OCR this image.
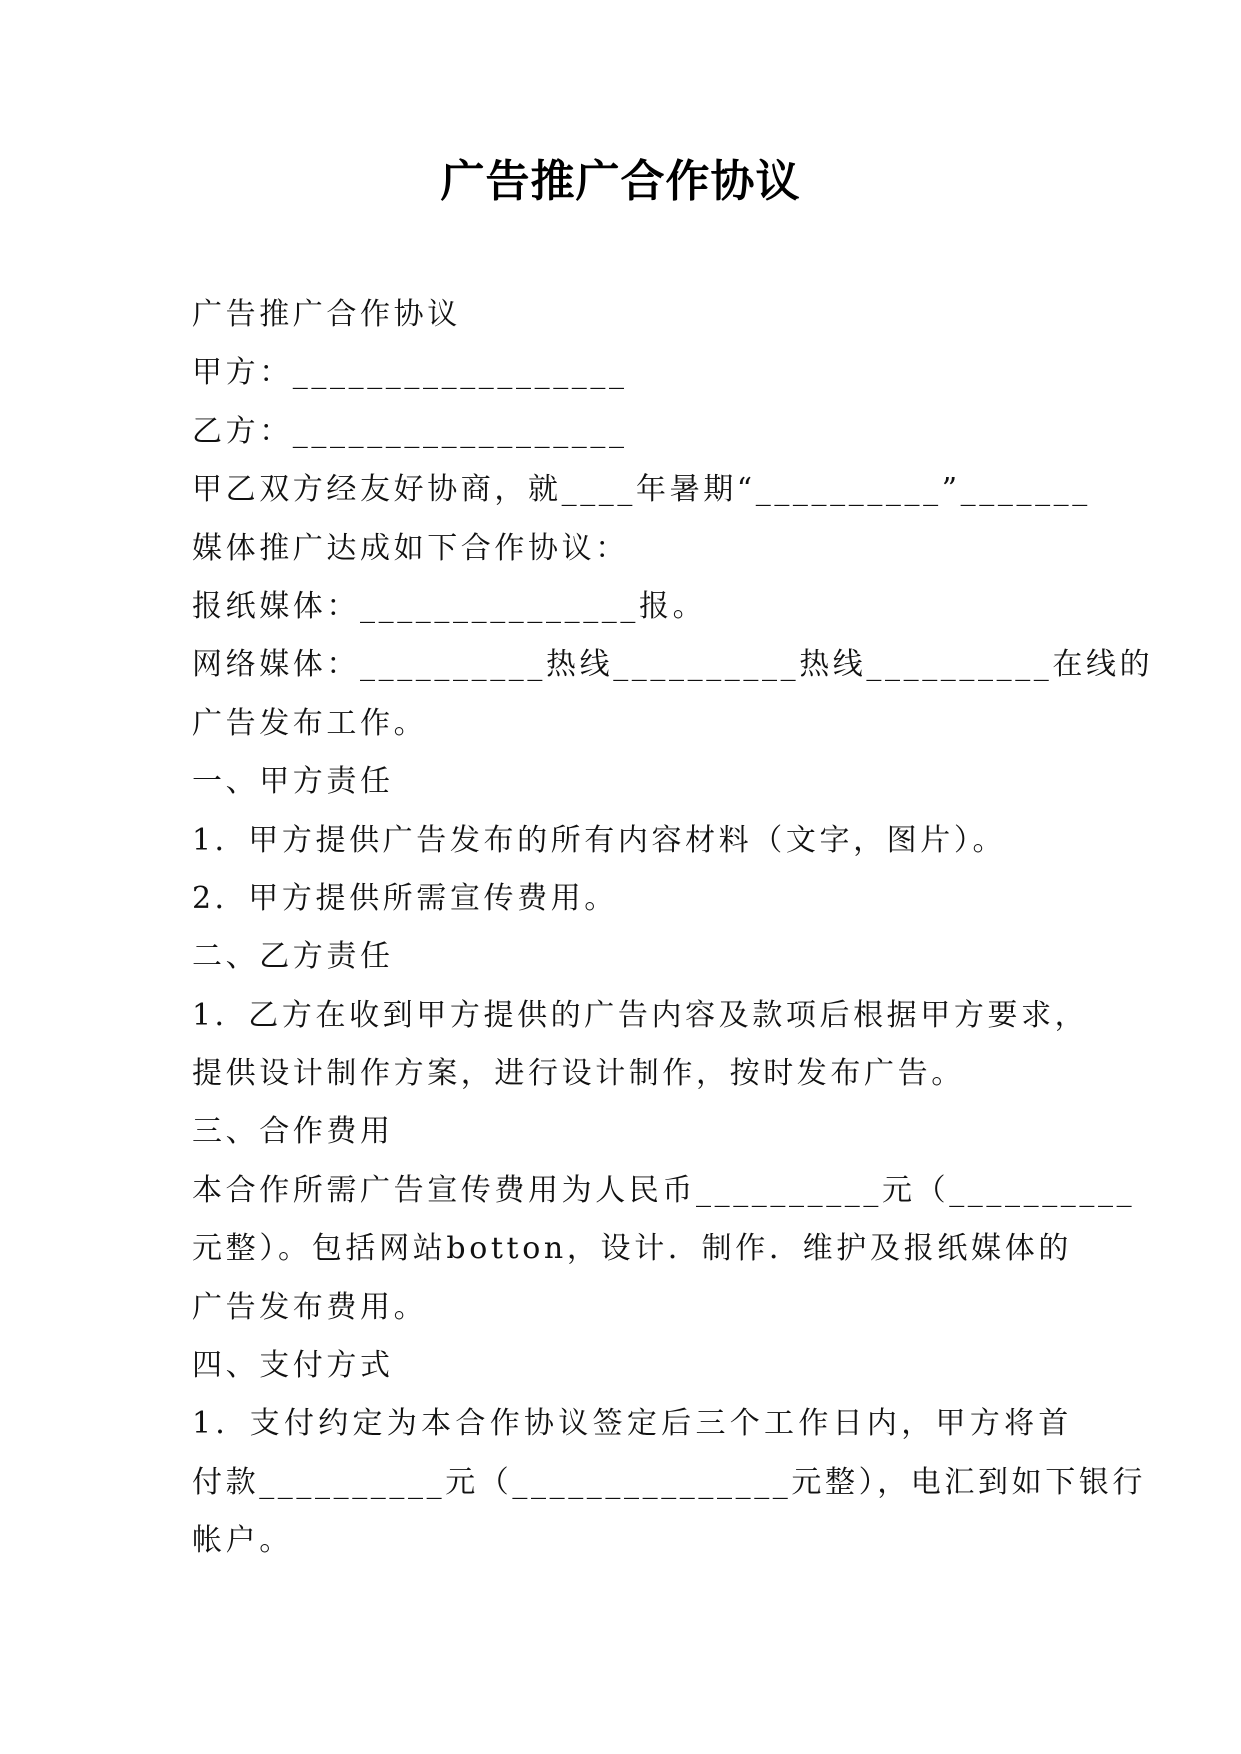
广告推广合作协议
广告推广合作协议
甲方：__________________
乙方：__________________
甲乙双方经友好协商，就____年暑期“__________”_______
媒体推广达成如下合作协议：
报纸媒体：_______________报。
网络媒体：__________热线__________热线__________在线的
广告发布工作。
一、甲方责任
1．甲方提供广告发布的所有内容材料（文字，图片）。
2．甲方提供所需宣传费用。
二、乙方责任
1．乙方在收到甲方提供的广告内容及款项后根据甲方要求，
提供设计制作方案，进行设计制作，按时发布广告。
三、合作费用
本合作所需广告宣传费用为人民币__________元（__________
元整）。包括网站botton，设计．制作．维护及报纸媒体的
广告发布费用。
四、支付方式
1．支付约定为本合作协议签定后三个工作日内，甲方将首
付款__________元（_______________元整），电汇到如下银行
帐户。
